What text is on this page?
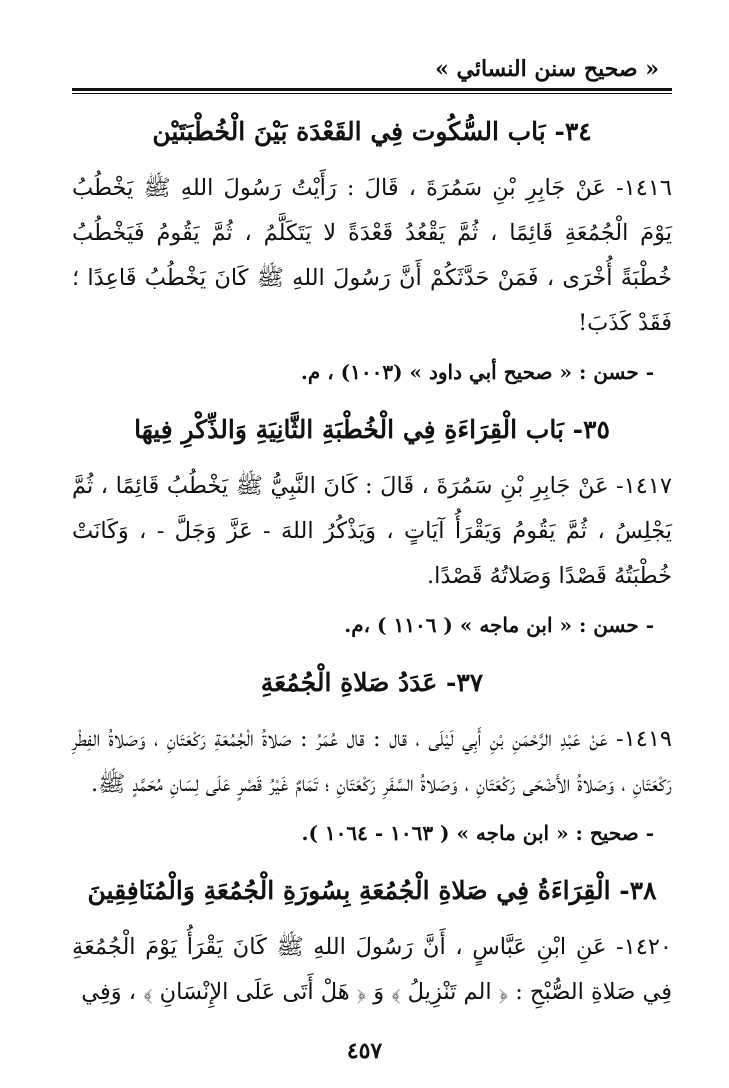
« صحيح سنن النسائي »
٣٤- بَاب السُّكُوت فِي القَعْدَة بَيْنَ الْخُطْبَتَيْن

١٤١٦- عَنْ جَابِرِ بْنِ سَمُرَةَ ، قَالَ : رَأَيْتُ رَسُولَ اللهِ ﷺ يَخْطُبُ يَوْمَ الْجُمُعَةِ قَائِمًا ، ثُمَّ يَقْعُدُ قَعْدَةً لا يَتَكَلَّمُ ، ثُمَّ يَقُومُ فَيَخْطُبُ خُطْبَةً أُخْرَى ، فَمَنْ حَدَّثَكُمْ أَنَّ رَسُولَ اللهِ ﷺ كَانَ يَخْطُبُ قَاعِدًا ؛ فَقَدْ كَذَبَ!

- حسن : « صحيح أبي داود » (١٠٠٣) ، م.

٣٥- بَاب الْقِرَاءَةِ فِي الْخُطْبَةِ الثَّانِيَةِ وَالذِّكْرِ فِيهَا

١٤١٧- عَنْ جَابِرِ بْنِ سَمُرَةَ ، قَالَ : كَانَ النَّبِيُّ ﷺ يَخْطُبُ قَائِمًا ، ثُمَّ يَجْلِسُ ، ثُمَّ يَقُومُ وَيَقْرَأُ آيَاتٍ ، وَيَذْكُرُ اللهَ - عَزَّ وَجَلَّ - ، وَكَانَتْ خُطْبَتُهُ قَصْدًا وَصَلاتُهُ قَصْدًا.

- حسن : « ابن ماجه » ( ١١٠٦ ) ،م.

٣٧- عَدَدُ صَلاةِ الْجُمُعَةِ

١٤١٩- عَنْ عَبْدِ الرَّحْمَنِ بْنِ أَبِي لَيْلَى ، قال : قال عُمَرُ : صَلاةُ الْجُمُعَةِ رَكْعَتَانِ ، وَصَلاةُ الفِطْرِ رَكْعَتَانِ ، وَصَلاةُ الأَضْحَى رَكْعَتَانِ ، وَصَلاةُ السَّفَرِ رَكْعَتَانِ ؛ تَمَامٌ غَيْرُ قَصْرٍ عَلَى لِسَانِ مُحَمَّدٍ ﷺ.

- صحيح : « ابن ماجه » ( ١٠٦٣ - ١٠٦٤ ).

٣٨- الْقِرَاءَةُ فِي صَلاةِ الْجُمُعَةِ بِسُورَةِ الْجُمُعَةِ وَالْمُنَافِقِينَ

١٤٢٠- عَنِ ابْنِ عَبَّاسٍ ، أَنَّ رَسُولَ اللهِ ﷺ كَانَ يَقْرَأُ يَوْمَ الْجُمُعَةِ فِي صَلاةِ الصُّبْحِ : ﴿ الم تَنْزِيلُ ﴾ وَ ﴿ هَلْ أَتَى عَلَى الإِنْسَانِ ﴾ ، وَفِي

٤٥٧
